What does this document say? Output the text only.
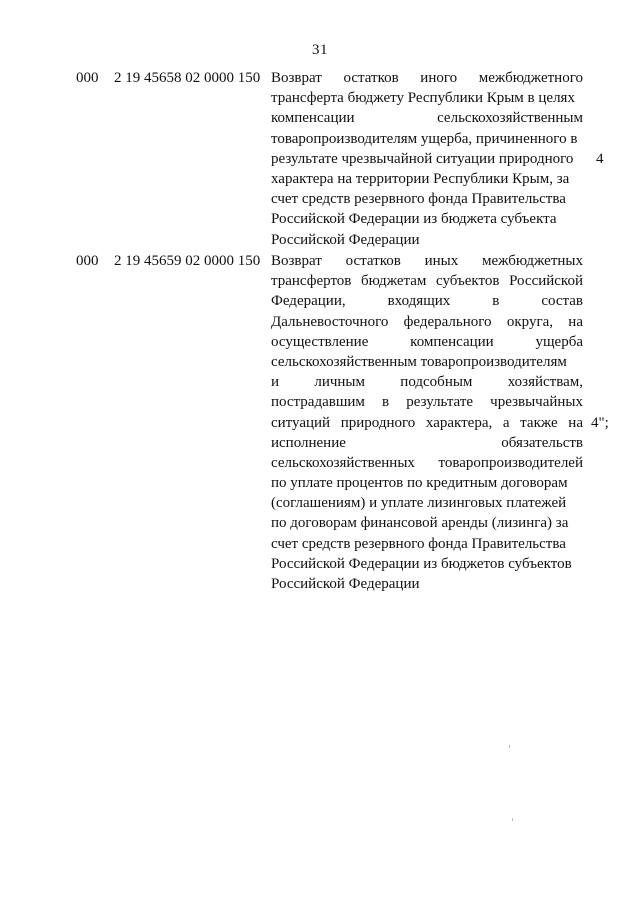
31
000 2 19 45658 02 0000 150 Возврат остатков иного межбюджетного
трансферта бюджету Республики Крым в целях
компенсации сельскохозяйственным
товаропроизводителям ущерба, причиненного в
результате чрезвычайной ситуации природного
характера на территории Республики Крым, за
счет средств резервного фонда Правительства
Российской Федерации из бюджета субъекта
Российской Федерации
4
000 2 19 45659 02 0000 150 Возврат остатков иных межбюджетных
трансфертов бюджетам субъектов Российской
Федерации, входящих в состав
Дальневосточного федерального округа, на
осуществление компенсации ущерба
сельскохозяйственным товаропроизводителям
и личным подсобным хозяйствам,
пострадавшим в результате чрезвычайных
ситуаций природного характера, а также на
исполнение обязательств
сельскохозяйственных товаропроизводителей
по уплате процентов по кредитным договорам
(соглашениям) и уплате лизинговых платежей
по договорам финансовой аренды (лизинга) за
счет средств резервного фонда Правительства
Российской Федерации из бюджетов субъектов
Российской Федерации
4";
